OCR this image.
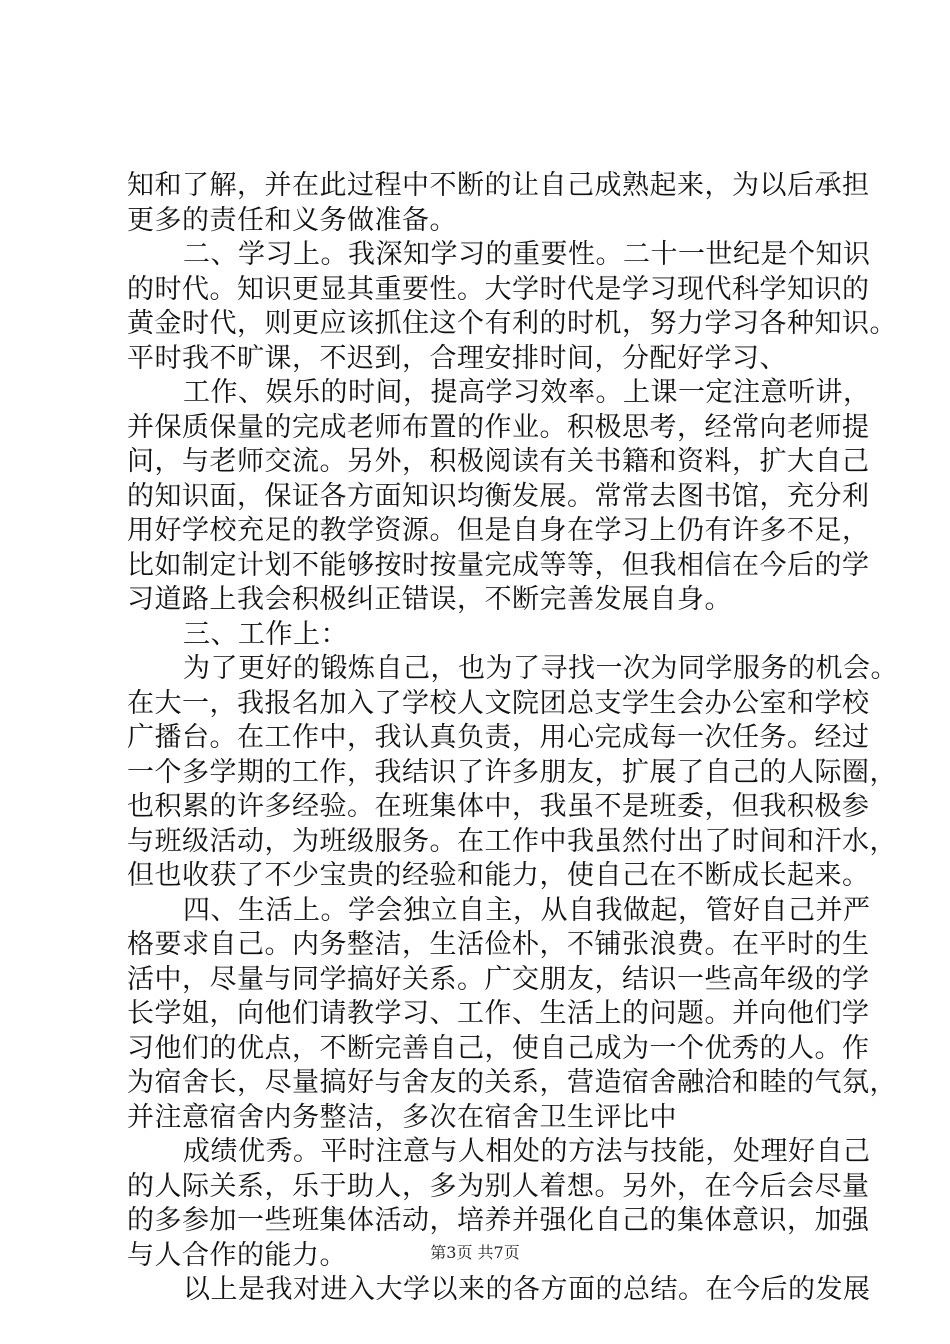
知和了解，并在此过程中不断的让自己成熟起来，为以后承担
更多的责任和义务做准备。
二、学习上。我深知学习的重要性。二十一世纪是个知识
的时代。知识更显其重要性。大学时代是学习现代科学知识的
黄金时代，则更应该抓住这个有利的时机，努力学习各种知识。
平时我不旷课，不迟到，合理安排时间，分配好学习、
工作、娱乐的时间，提高学习效率。上课一定注意听讲，
并保质保量的完成老师布置的作业。积极思考，经常向老师提
问，与老师交流。另外，积极阅读有关书籍和资料，扩大自己
的知识面，保证各方面知识均衡发展。常常去图书馆，充分利
用好学校充足的教学资源。但是自身在学习上仍有许多不足，
比如制定计划不能够按时按量完成等等，但我相信在今后的学
习道路上我会积极纠正错误，不断完善发展自身。
三、工作上：
为了更好的锻炼自己，也为了寻找一次为同学服务的机会。
在大一，我报名加入了学校人文院团总支学生会办公室和学校
广播台。在工作中，我认真负责，用心完成每一次任务。经过
一个多学期的工作，我结识了许多朋友，扩展了自己的人际圈，
也积累的许多经验。在班集体中，我虽不是班委，但我积极参
与班级活动，为班级服务。在工作中我虽然付出了时间和汗水，
但也收获了不少宝贵的经验和能力，使自己在不断成长起来。
四、生活上。学会独立自主，从自我做起，管好自己并严
格要求自己。内务整洁，生活俭朴，不铺张浪费。在平时的生
活中，尽量与同学搞好关系。广交朋友，结识一些高年级的学
长学姐，向他们请教学习、工作、生活上的问题。并向他们学
习他们的优点，不断完善自己，使自己成为一个优秀的人。作
为宿舍长，尽量搞好与舍友的关系，营造宿舍融洽和睦的气氛，
并注意宿舍内务整洁，多次在宿舍卫生评比中
成绩优秀。平时注意与人相处的方法与技能，处理好自己
的人际关系，乐于助人，多为别人着想。另外，在今后会尽量
的多参加一些班集体活动，培养并强化自己的集体意识，加强
与人合作的能力。
以上是我对进入大学以来的各方面的总结。在今后的发展
第3页 共7页
